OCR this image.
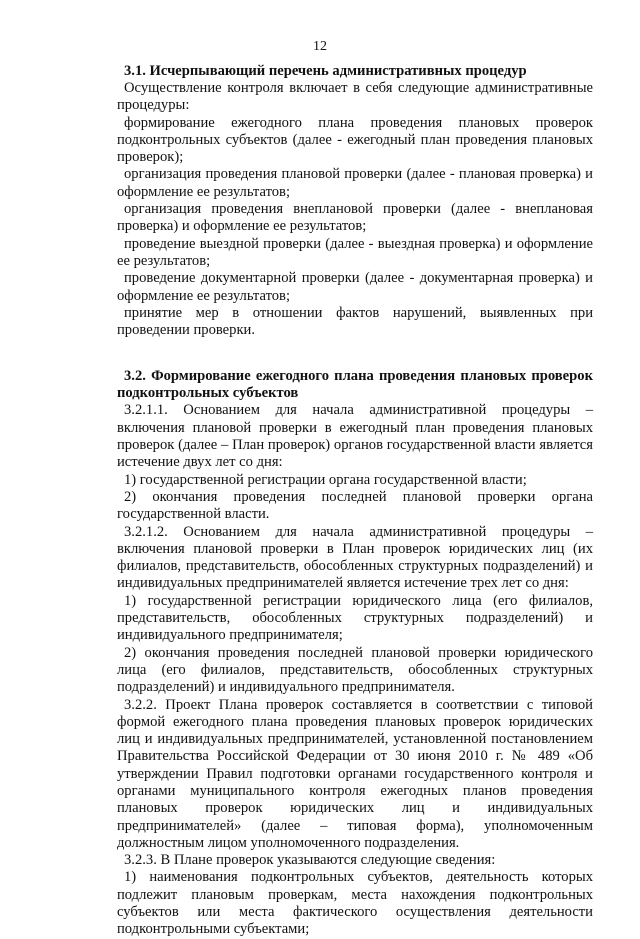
12

3.1. Исчерпывающий перечень административных процедур

Осуществление контроля включает в себя следующие административные процедуры:

формирование ежегодного плана проведения плановых проверок подконтрольных субъектов (далее - ежегодный план проведения плановых проверок);

организация проведения плановой проверки (далее - плановая проверка) и оформление ее результатов;

организация проведения внеплановой проверки (далее - внеплановая проверка) и оформление ее результатов;

проведение выездной проверки (далее - выездная проверка) и оформление ее результатов;

проведение документарной проверки (далее - документарная проверка) и оформление ее результатов;

принятие мер в отношении фактов нарушений, выявленных при проведении проверки.

3.2. Формирование ежегодного плана проведения плановых проверок подконтрольных субъектов

3.2.1.1. Основанием для начала административной процедуры – включения плановой проверки в ежегодный план проведения плановых проверок (далее – План проверок) органов государственной власти является истечение двух лет со дня:

1) государственной регистрации органа государственной власти;

2) окончания проведения последней плановой проверки органа государственной власти.

3.2.1.2. Основанием для начала административной процедуры – включения плановой проверки в План проверок юридических лиц (их филиалов, представительств, обособленных структурных подразделений) и индивидуальных предпринимателей является истечение трех лет со дня:

1) государственной регистрации юридического лица (его филиалов, представительств, обособленных структурных подразделений) и индивидуального предпринимателя;

2) окончания проведения последней плановой проверки юридического лица (его филиалов, представительств, обособленных структурных подразделений) и индивидуального предпринимателя.

3.2.2. Проект Плана проверок составляется в соответствии с типовой формой ежегодного плана проведения плановых проверок юридических лиц и индивидуальных предпринимателей, установленной постановлением Правительства Российской Федерации от 30 июня 2010 г. № 489 «Об утверждении Правил подготовки органами государственного контроля и органами муниципального контроля ежегодных планов проведения плановых проверок юридических лиц и индивидуальных предпринимателей» (далее – типовая форма), уполномоченным должностным лицом уполномоченного подразделения.

3.2.3. В Плане проверок указываются следующие сведения:

1) наименования подконтрольных субъектов, деятельность которых подлежит плановым проверкам, места нахождения подконтрольных субъектов или места фактического осуществления деятельности подконтрольными субъектами;
